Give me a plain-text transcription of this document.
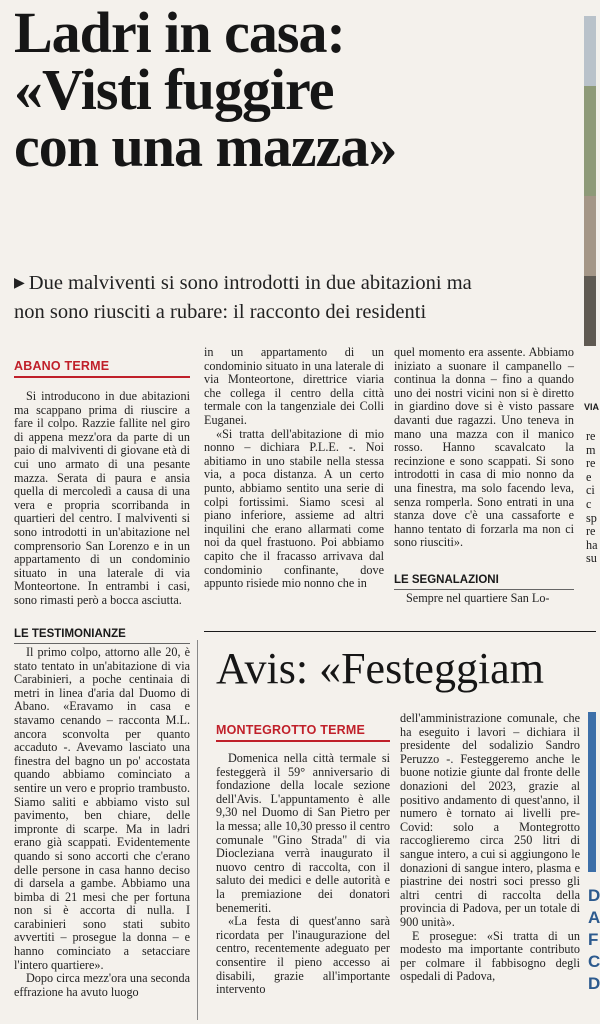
Ladri in casa:
«Visti fuggire
con una mazza»
VIA
▶ Due malviventi si sono introdotti in due abitazioni ma
non sono riusciti a rubare: il racconto dei residenti
ABANO TERME

Si introducono in due abitazioni ma scappano prima di riuscire a fare il colpo. Razzie fallite nel giro di appena mezz'ora da parte di un paio di malviventi di giovane età di cui uno armato di una pesante mazza. Serata di paura e ansia quella di mercoledì a causa di una vera e propria scorribanda in quartieri del centro. I malviventi si sono introdotti in un'abitazione nel comprensorio San Lorenzo e in un appartamento di un condominio situato in una laterale di via Monteortone. In entrambi i casi, sono rimasti però a bocca asciutta.

LE TESTIMONIANZE

Il primo colpo, attorno alle 20, è stato tentato in un'abitazione di via Carabinieri, a poche centinaia di metri in linea d'aria dal Duomo di Abano. «Eravamo in casa e stavamo cenando – racconta M.L. ancora sconvolta per quanto accaduto -. Avevamo lasciato una finestra del bagno un po' accostata quando abbiamo cominciato a sentire un vero e proprio trambusto. Siamo saliti e abbiamo visto sul pavimento, ben chiare, delle impronte di scarpe. Ma in ladri erano già scappati. Evidentemente quando si sono accorti che c'erano delle persone in casa hanno deciso di darsela a gambe. Abbiamo una bimba di 21 mesi che per fortuna non si è accorta di nulla. I carabinieri sono stati subito avvertiti – prosegue la donna – e hanno cominciato a setacciare l'intero quartiere».

Dopo circa mezz'ora una seconda effrazione ha avuto luogo

in un appartamento di un condominio situato in una laterale di via Monteortone, direttrice viaria che collega il centro della città termale con la tangenziale dei Colli Euganei.

«Si tratta dell'abitazione di mio nonno – dichiara P.L.E. -. Noi abitiamo in uno stabile nella stessa via, a poca distanza. A un certo punto, abbiamo sentito una serie di colpi fortissimi. Siamo scesi al piano inferiore, assieme ad altri inquilini che erano allarmati come noi da quel frastuono. Poi abbiamo capito che il fracasso arrivava dal condominio confinante, dove appunto risiede mio nonno che in

quel momento era assente. Abbiamo iniziato a suonare il campanello – continua la donna – fino a quando uno dei nostri vicini non si è diretto in giardino dove si è visto passare davanti due ragazzi. Uno teneva in mano una mazza con il manico rosso. Hanno scavalcato la recinzione e sono scappati. Si sono introdotti in casa di mio nonno da una finestra, ma solo facendo leva, senza romperla. Sono entrati in una stanza dove c'è una cassaforte e hanno tentato di forzarla ma non ci sono riusciti».

LE SEGNALAZIONI

Sempre nel quartiere San Lo-

re
m
re
e
ci
c
sp
re
ha
su
Avis: «Festeggiam
MONTEGROTTO TERME

Domenica nella città termale si festeggerà il 59° anniversario di fondazione della locale sezione dell'Avis. L'appuntamento è alle 9,30 nel Duomo di San Pietro per la messa; alle 10,30 presso il centro comunale "Gino Strada" di via Diocleziana verrà inaugurato il nuovo centro di raccolta, con il saluto dei medici e delle autorità e la premiazione dei donatori benemeriti.

«La festa di quest'anno sarà ricordata per l'inaugurazione del centro, recentemente adeguato per consentire il pieno accesso ai disabili, grazie all'importante intervento

dell'amministrazione comunale, che ha eseguito i lavori – dichiara il presidente del sodalizio Sandro Peruzzo -. Festeggeremo anche le buone notizie giunte dal fronte delle donazioni del 2023, grazie al positivo andamento di quest'anno, il numero è tornato ai livelli pre-Covid: solo a Montegrotto raccoglieremo circa 250 litri di sangue intero, a cui si aggiungono le donazioni di sangue intero, plasma e piastrine dei nostri soci presso gli altri centri di raccolta della provincia di Padova, per un totale di 900 unità».

E prosegue: «Si tratta di un modesto ma importante contributo per colmare il fabbisogno degli ospedali di Padova,

D
A
F
C
D
